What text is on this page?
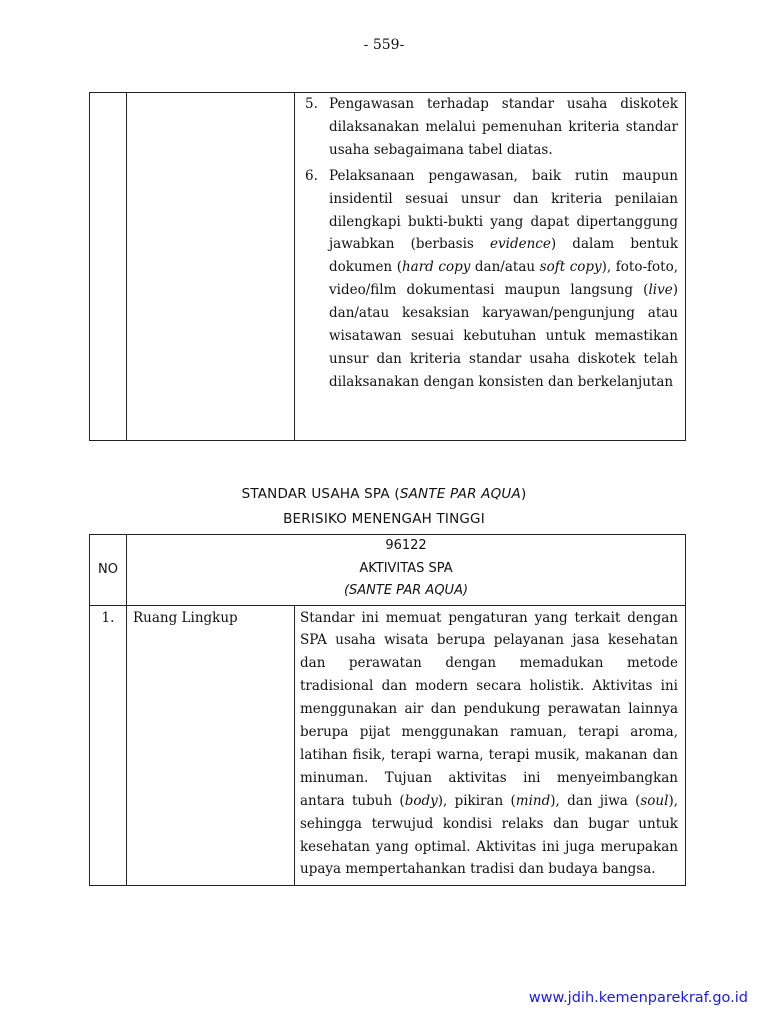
- 559-

5. Pengawasan terhadap standar usaha diskotek dilaksanakan melalui pemenuhan kriteria standar usaha sebagaimana tabel diatas.
6. Pelaksanaan pengawasan, baik rutin maupun insidentil sesuai unsur dan kriteria penilaian dilengkapi bukti-bukti yang dapat dipertanggung jawabkan (berbasis evidence) dalam bentuk dokumen (hard copy dan/atau soft copy), foto-foto, video/film dokumentasi maupun langsung (live) dan/atau kesaksian karyawan/pengunjung atau wisatawan sesuai kebutuhan untuk memastikan unsur dan kriteria standar usaha diskotek telah dilaksanakan dengan konsisten dan berkelanjutan
STANDAR USAHA SPA (SANTE PAR AQUA)
BERISIKO MENENGAH TINGGI
NO	96122
AKTIVITAS SPA
(SANTE PAR AQUA)	

1.	Ruang Lingkup	Standar ini memuat pengaturan yang terkait dengan SPA usaha wisata berupa pelayanan jasa kesehatan dan perawatan dengan memadukan metode tradisional dan modern secara holistik. Aktivitas ini menggunakan air dan pendukung perawatan lainnya berupa pijat menggunakan ramuan, terapi aroma, latihan fisik, terapi warna, terapi musik, makanan dan minuman. Tujuan aktivitas ini menyeimbangkan antara tubuh (body), pikiran (mind), dan jiwa (soul), sehingga terwujud kondisi relaks dan bugar untuk kesehatan yang optimal. Aktivitas ini juga merupakan upaya mempertahankan tradisi dan budaya bangsa.
www.jdih.kemenparekraf.go.id
